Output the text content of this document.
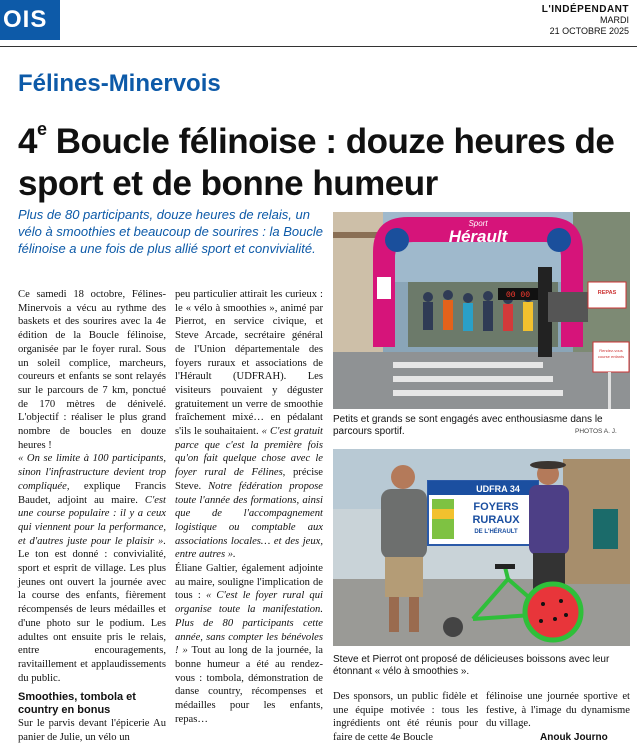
OIS	L'INDÉPENDANT
MARDI
21 OCTOBRE 2025
Félines-Minervois
4e Boucle félinoise : douze heures de sport et de bonne humeur

Plus de 80 participants, douze heures de relais, un vélo à smoothies et beaucoup de sourires : la Boucle félinoise a une fois de plus allié sport et convivialité.

Ce samedi 18 octobre, Félines-Minervois a vécu au rythme des baskets et des sourires avec la 4e édition de la Boucle félinoise, organisée par le foyer rural. Sous un soleil complice, marcheurs, coureurs et enfants se sont relayés sur le parcours de 7 km, ponctué de 170 mètres de dénivelé. L'objectif : réaliser le plus grand nombre de boucles en douze heures !

« On se limite à 100 participants, sinon l'infrastructure devient trop compliquée, explique Francis Baudet, adjoint au maire. C'est une course populaire : il y a ceux qui viennent pour la performance, et d'autres juste pour le plaisir ». Le ton est donné : convivialité, sport et esprit de village. Les plus jeunes ont ouvert la journée avec la course des enfants, fièrement récompensés de leurs médailles et d'une photo sur le podium. Les adultes ont ensuite pris le relais, entre encouragements, ravitaillement et applaudissements du public.

Smoothies, tombola et country en bonus

Sur le parvis devant l'épicerie Au panier de Julie, un vélo un

peu particulier attirait les curieux : le « vélo à smoothies », animé par Pierrot, en service civique, et Steve Arcade, secrétaire général de l'Union départementale des foyers ruraux et associations de l'Hérault (UDFRAH). Les visiteurs pouvaient y déguster gratuitement un verre de smoothie fraîchement mixé… en pédalant s'ils le souhaitaient. « C'est gratuit parce que c'est la première fois qu'on fait quelque chose avec le foyer rural de Félines, précise Steve. Notre fédération propose toute l'année des formations, ainsi que de l'accompagnement logistique ou comptable aux associations locales… et des jeux, entre autres ».

Éliane Galtier, également adjointe au maire, souligne l'implication de tous : « C'est le foyer rural qui organise toute la manifestation. Plus de 80 participants cette année, sans compter les bénévoles ! » Tout au long de la journée, la bonne humeur a été au rendez-vous : tombola, démonstration de danse country, récompenses et médailles pour les enfants, repas…

Sport
Hérault
00 00	REPAS
Rendez-vous course enfants

Petits et grands se sont engagés avec enthousiasme dans le parcours sportif.	PHOTOS A. J.
UDFRA 34
FOYERS
RURAUX
DE L'HÉRAULT

Steve et Pierrot ont proposé de délicieuses boissons avec leur étonnant « vélo à smoothies ».

Des sponsors, un public fidèle et une équipe motivée : tous les ingrédients ont été réunis pour faire de cette 4e Boucle

félinoise une journée sportive et festive, à l'image du dynamisme du village.

Anouk Journo
